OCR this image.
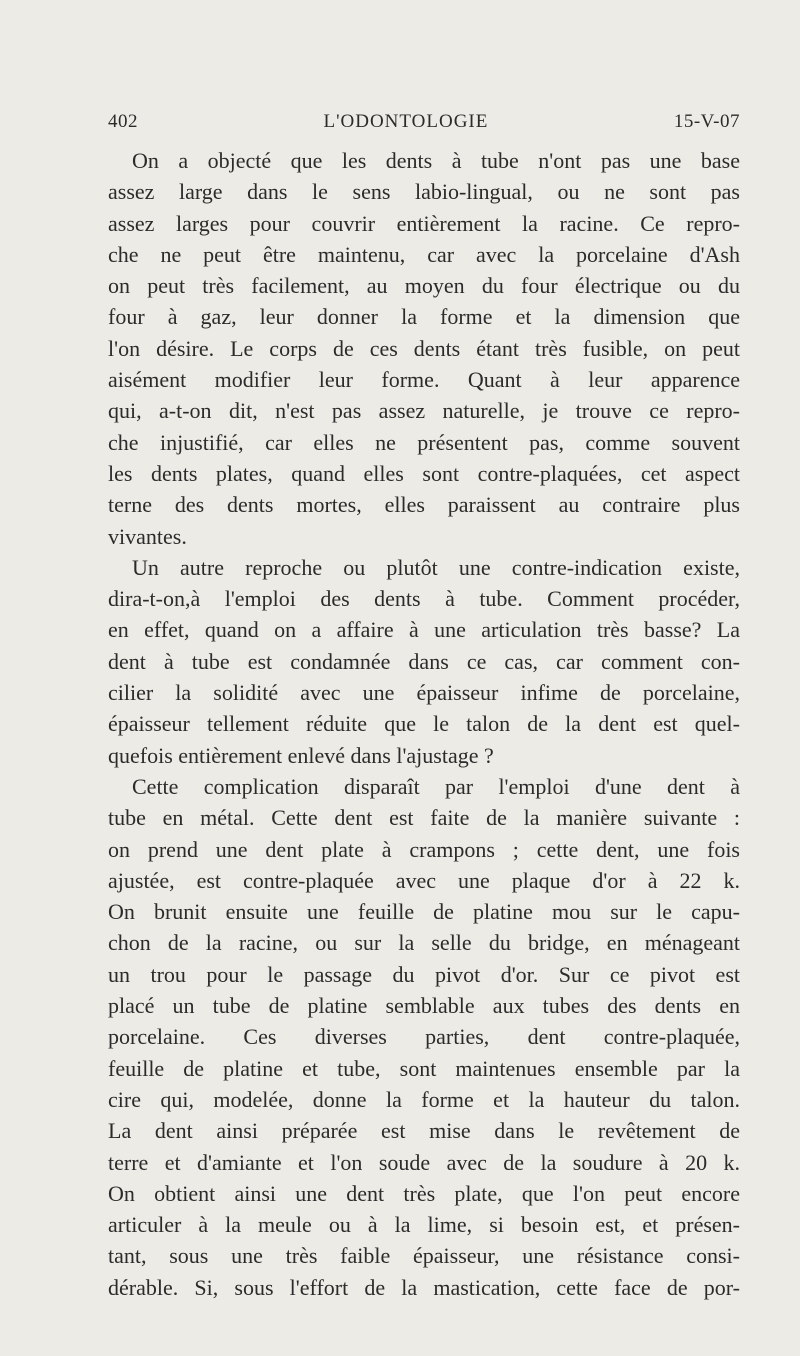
402	L'ODONTOLOGIE	15-V-07
On a objecté que les dents à tube n'ont pas une base
assez large dans le sens labio-lingual, ou ne sont pas
assez larges pour couvrir entièrement la racine. Ce repro-
che ne peut être maintenu, car avec la porcelaine d'Ash
on peut très facilement, au moyen du four électrique ou du
four à gaz, leur donner la forme et la dimension que
l'on désire. Le corps de ces dents étant très fusible, on peut
aisément modifier leur forme. Quant à leur apparence
qui, a-t-on dit, n'est pas assez naturelle, je trouve ce repro-
che injustifié, car elles ne présentent pas, comme souvent
les dents plates, quand elles sont contre-plaquées, cet aspect
terne des dents mortes, elles paraissent au contraire plus
vivantes.
Un autre reproche ou plutôt une contre-indication existe,
dira-t-on,à l'emploi des dents à tube. Comment procéder,
en effet, quand on a affaire à une articulation très basse? La
dent à tube est condamnée dans ce cas, car comment con-
cilier la solidité avec une épaisseur infime de porcelaine,
épaisseur tellement réduite que le talon de la dent est quel-
quefois entièrement enlevé dans l'ajustage ?
Cette complication disparaît par l'emploi d'une dent à
tube en métal. Cette dent est faite de la manière suivante :
on prend une dent plate à crampons ; cette dent, une fois
ajustée, est contre-plaquée avec une plaque d'or à 22 k.
On brunit ensuite une feuille de platine mou sur le capu-
chon de la racine, ou sur la selle du bridge, en ménageant
un trou pour le passage du pivot d'or. Sur ce pivot est
placé un tube de platine semblable aux tubes des dents en
porcelaine. Ces diverses parties, dent contre-plaquée,
feuille de platine et tube, sont maintenues ensemble par la
cire qui, modelée, donne la forme et la hauteur du talon.
La dent ainsi préparée est mise dans le revêtement de
terre et d'amiante et l'on soude avec de la soudure à 20 k.
On obtient ainsi une dent très plate, que l'on peut encore
articuler à la meule ou à la lime, si besoin est, et présen-
tant, sous une très faible épaisseur, une résistance consi-
dérable. Si, sous l'effort de la mastication, cette face de por-
